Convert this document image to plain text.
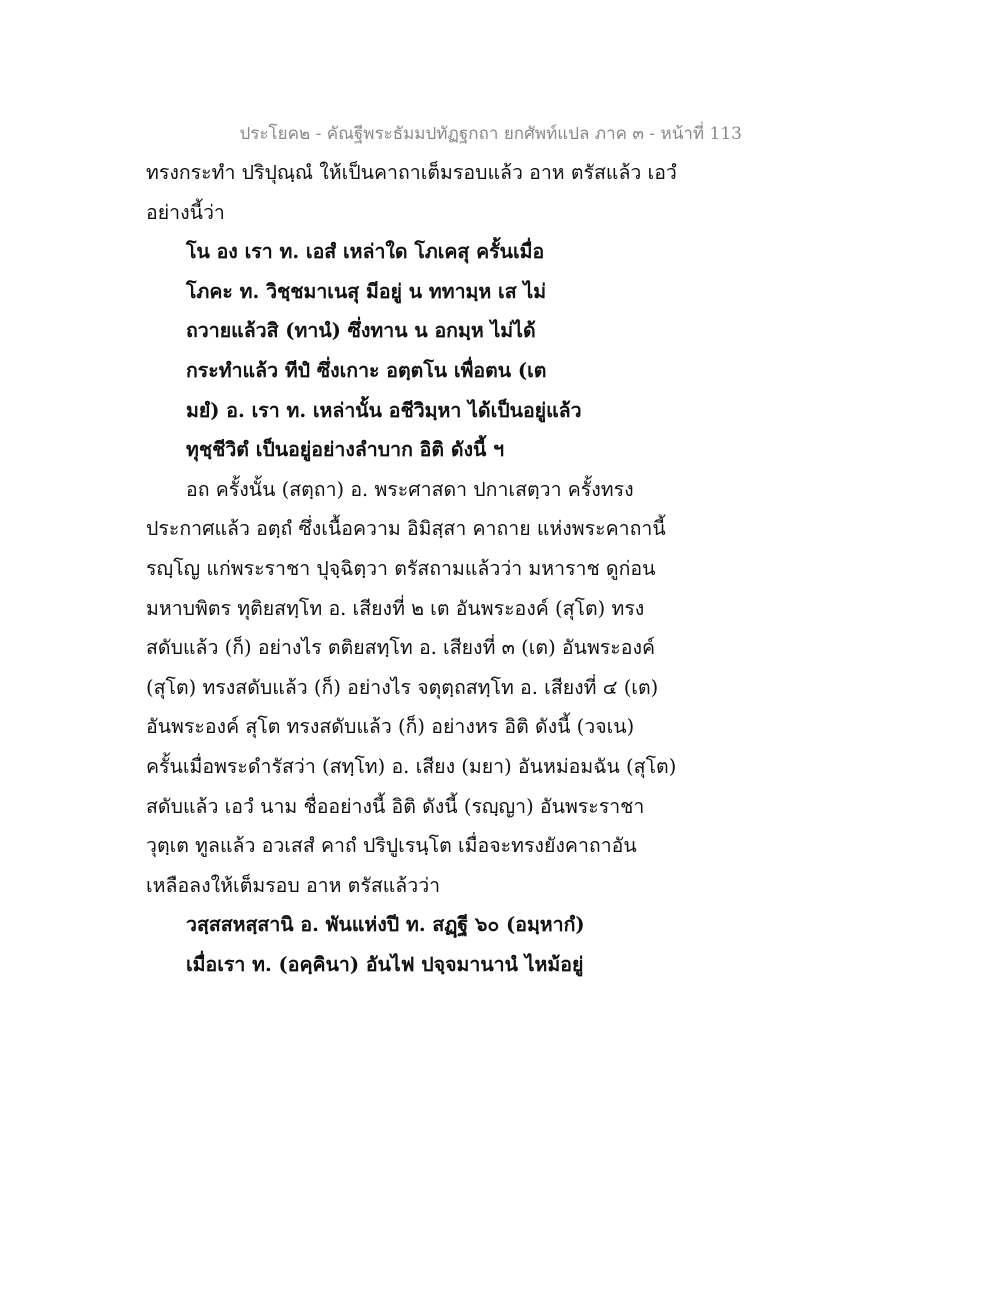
ประโยค๒ - คัณฐีพระธัมมปทัฏฐกถา ยกศัพท์แปล ภาค ๓ - หน้าที่ 113
ทรงกระทำ ปริปุณฺณํ ให้เป็นคาถาเต็มรอบแล้ว อาห ตรัสแล้ว เอวํ
อย่างนี้ว่า
โน อง เรา ท. เอสํ เหล่าใด โภเคสุ ครั้นเมื่อ
โภคะ ท. วิชฺชมาเนสุ มีอยู่ น ททามฺห เส ไม่
ถวายแล้วสิ (ทานํ) ซึ่งทาน น อกมฺห ไม่ได้
กระทำแล้ว ทีปํ ซึ่งเกาะ อตฺตโน เพื่อตน (เต
มยํ) อ. เรา ท. เหล่านั้น อชีวิมฺหา ได้เป็นอยู่แล้ว
ทุชฺชีวิตํ เป็นอยู่อย่างลำบาก อิติ ดังนี้ ฯ
อถ ครั้งนั้น (สตฺถา) อ. พระศาสดา ปกาเสตฺวา ครั้งทรง
ประกาศแล้ว อตฺถํ ซึ่งเนื้อความ อิมิสฺสา คาถาย แห่งพระคาถานี้
รญฺโญ แก่พระราชา ปุจฺฉิตฺวา ตรัสถามแล้วว่า มหาราช ดูก่อน
มหาบพิตร ทุติยสทฺโท อ. เสียงที่ ๒ เต อันพระองค์ (สุโต) ทรง
สดับแล้ว (ก็) อย่างไร ตติยสทฺโท อ. เสียงที่ ๓ (เต) อันพระองค์
(สุโต) ทรงสดับแล้ว (ก็) อย่างไร จตุตฺถสทฺโท อ. เสียงที่ ๔ (เต)
อันพระองค์ สุโต ทรงสดับแล้ว (ก็) อย่างหร อิติ ดังนี้ (วจเน)
ครั้นเมื่อพระดำรัสว่า (สทฺโท) อ. เสียง (มยา) อันหม่อมฉัน (สุโต)
สดับแล้ว เอวํ นาม ชื่ออย่างนี้ อิติ ดังนี้ (รญฺญา) อันพระราชา
วุตฺเต ทูลแล้ว อวเสสํ คาถํ ปริปูเรนฺโต เมื่อจะทรงยังคาถาอัน
เหลือลงให้เต็มรอบ อาห ตรัสแล้วว่า
วสฺสสหสฺสานิ อ. พันแห่งปี ท. สฏฺฐี ๖๐ (อมฺหากํ)
เมื่อเรา ท. (อคฺคินา) อันไฟ ปจฺจมานานํ ไหม้อยู่
